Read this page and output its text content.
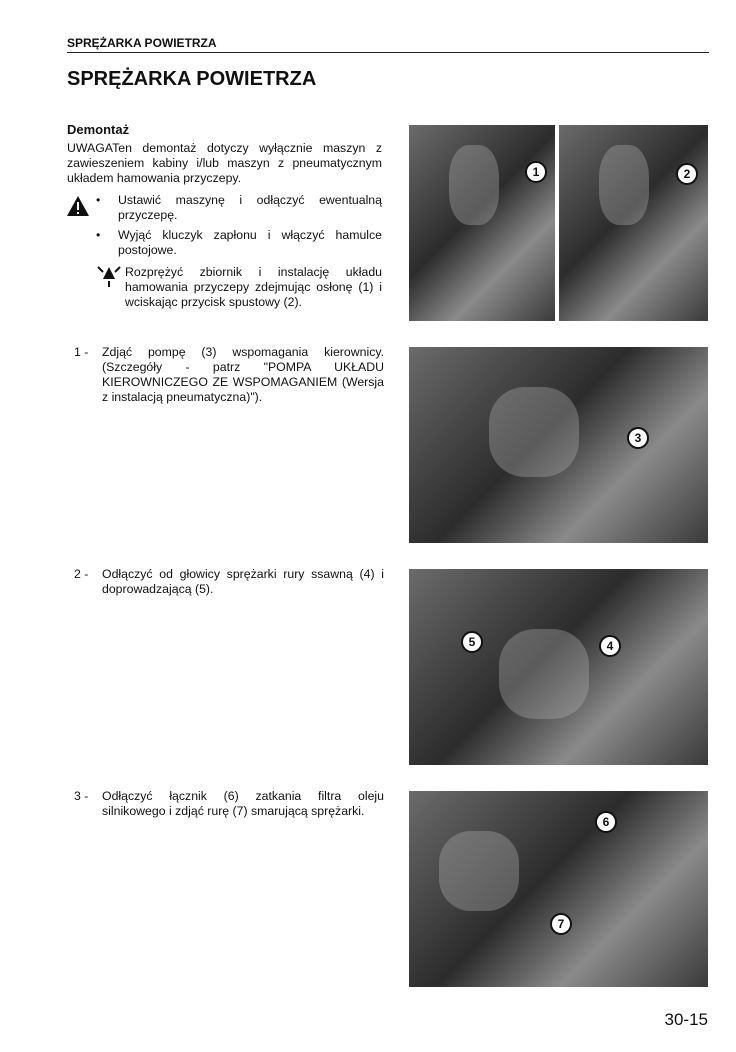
SPRĘŻARKA POWIETRZA
SPRĘŻARKA POWIETRZA
Demontaż
UWAGATen demontaż dotyczy wyłącznie maszyn z zawieszeniem kabiny i/lub maszyn z pneumatycznym układem hamowania przyczepy.
• Ustawić maszynę i odłączyć ewentualną przyczepę.
• Wyjąć kluczyk zapłonu i włączyć hamulce postojowe.
Rozprężyć zbiornik i instalację układu hamowania przyczepy zdejmując osłonę (1) i wciskając przycisk spustowy (2).
1	2
1 - Zdjąć pompę (3) wspomagania kierownicy. (Szczegóły - patrz "POMPA UKŁADU KIEROWNICZEGO ZE WSPOMAGANIEM (Wersja z instalacją pneumatyczna)").
3
2 - Odłączyć od głowicy sprężarki rury ssawną (4) i doprowadzającą (5).
5	4
3 - Odłączyć łącznik (6) zatkania filtra oleju silnikowego i zdjąć rurę (7) smarującą sprężarki.
6
7
30-15
